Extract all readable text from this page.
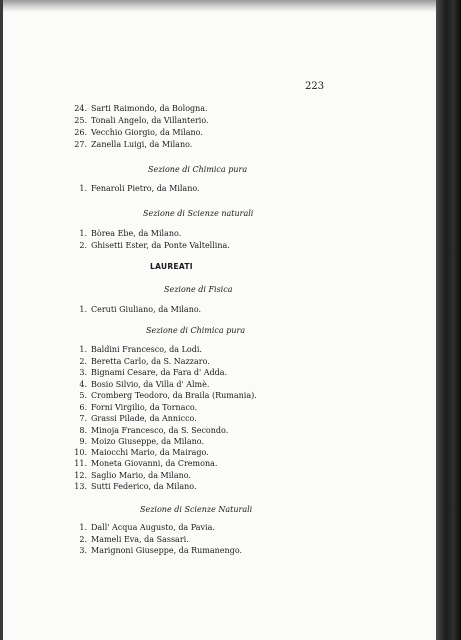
223
24. Sarti Raimondo, da Bologna.
25. Tonali Angelo, da Villanterio.
26. Vecchio Giorgio, da Milano.
27. Zanella Luigi, da Milano.
Sezione di Chimica pura
1. Fenaroli Pietro, da Milano.
Sezione di Scienze naturali
1. Bòrea Ebe, da Milano.
2. Ghisetti Ester, da Ponte Valtellina.
LAUREATI
Sezione di Fisica
1. Ceruti Giuliano, da Milano.
Sezione di Chimica pura
1. Baldini Francesco, da Lodi.
2. Beretta Carlo, da S. Nazzaro.
3. Bignami Cesare, da Fara d' Adda.
4. Bosio Silvio, da Villa d' Almè.
5. Cromberg Teodoro, da Braila (Rumania).
6. Forni Virgilio, da Tornaco.
7. Grassi Pilade, da Annicco.
8. Minoja Francesco, da S. Secondo.
9. Moizo Giuseppe, da Milano.
10. Maiocchi Mario, da Mairago.
11. Moneta Giovanni, da Cremona.
12. Saglio Mario, da Milano.
13. Sutti Federico, da Milano.
Sezione di Scienze Naturali
1. Dall' Acqua Augusto, da Pavia.
2. Mameli Eva, da Sassari.
3. Marignoni Giuseppe, da Rumanengo.
